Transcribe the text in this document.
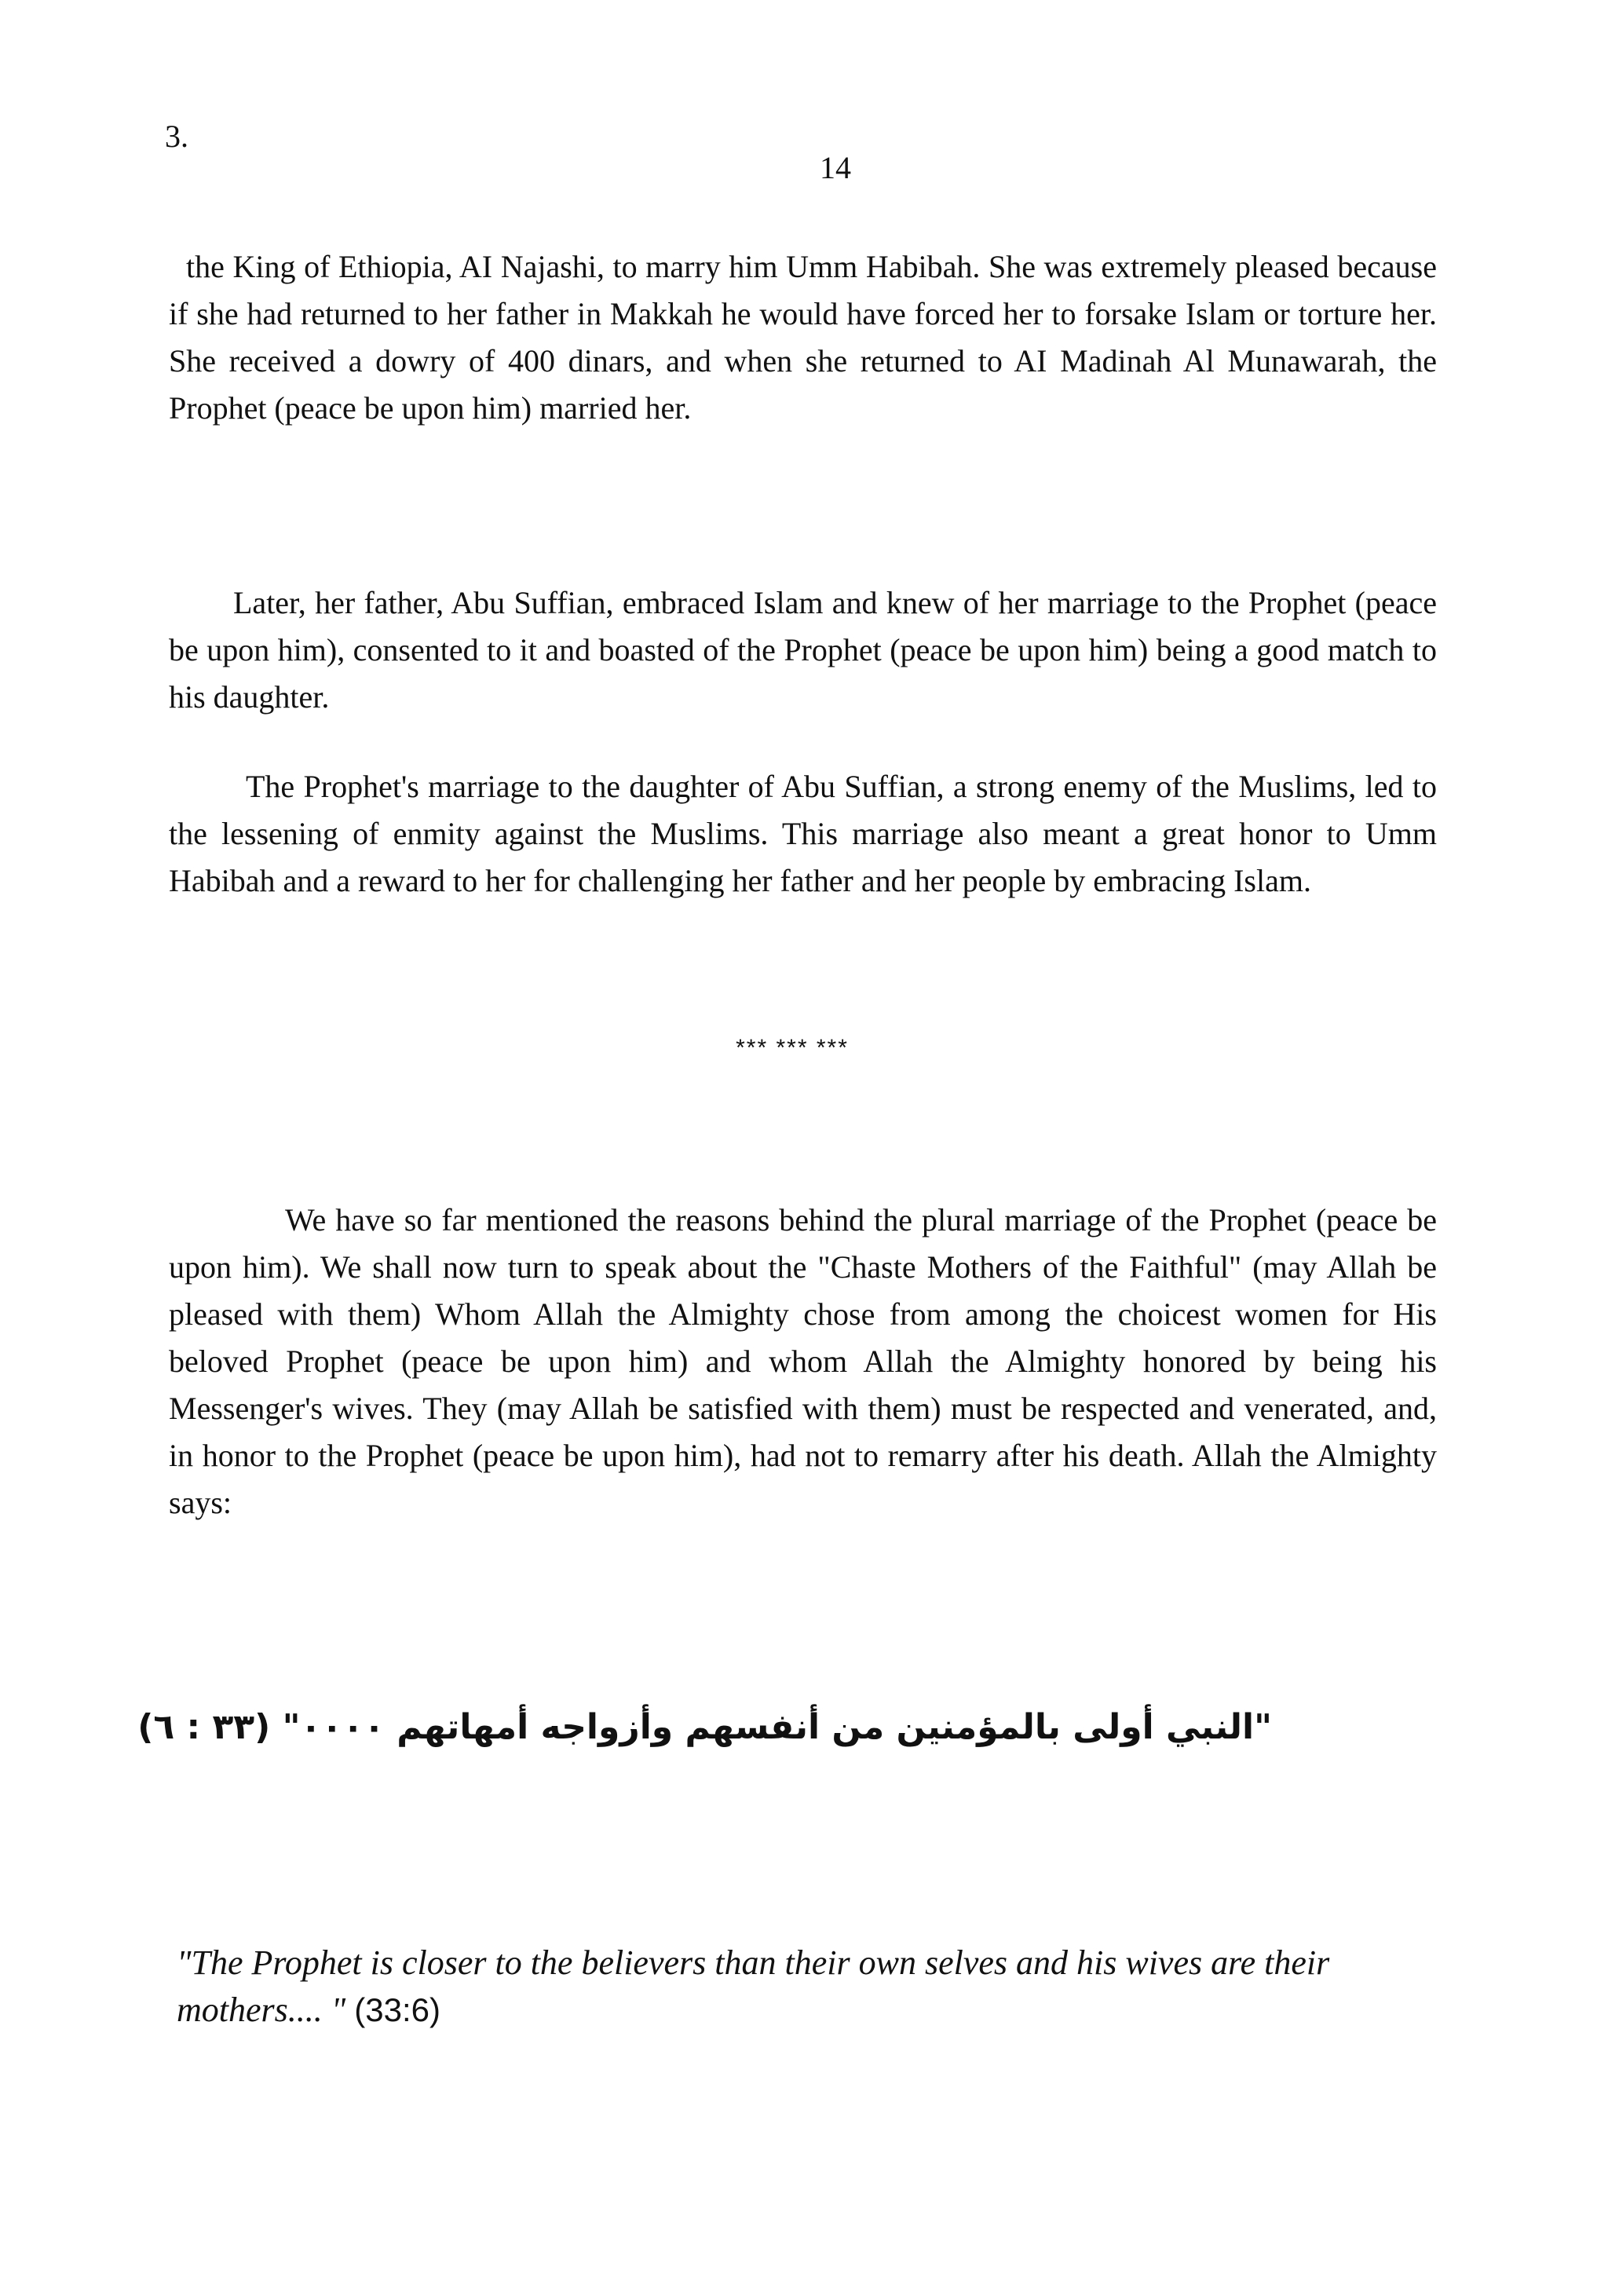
3.
14

the King of Ethiopia, AI Najashi, to marry him Umm Habibah. She was extremely pleased because if she had returned to her father in Makkah he would have forced her to forsake Islam or torture her. She received a dowry of 400 dinars, and when she returned to AI Madinah Al Munawarah, the Prophet (peace be upon him) married her.

Later, her father, Abu Suffian, embraced Islam and knew of her marriage to the Prophet (peace be upon him), consented to it and boasted of the Prophet (peace be upon him) being a good match to his daughter.

The Prophet's marriage to the daughter of Abu Suffian, a strong enemy of the Muslims, led to the lessening of enmity against the Muslims. This marriage also meant a great honor to Umm Habibah and a reward to her for challenging her father and her people by embracing Islam.

*** *** ***

We have so far mentioned the reasons behind the plural marriage of the Prophet (peace be upon him). We shall now turn to speak about the "Chaste Mothers of the Faithful" (may Allah be pleased with them) Whom Allah the Almighty chose from among the choicest women for His beloved Prophet (peace be upon him) and whom Allah the Almighty honored by being his Messenger's wives. They (may Allah be satisfied with them) must be respected and venerated, and, in honor to the Prophet (peace be upon him), had not to remarry after his death. Allah the Almighty says:

"النبي أولى بالمؤمنين من أنفسهم وأزواجه أمهاتهم ٠٠٠٠" (٣٣ : ٦)
"The Prophet is closer to the believers than their own selves and his wives are their mothers.... " (33:6)
